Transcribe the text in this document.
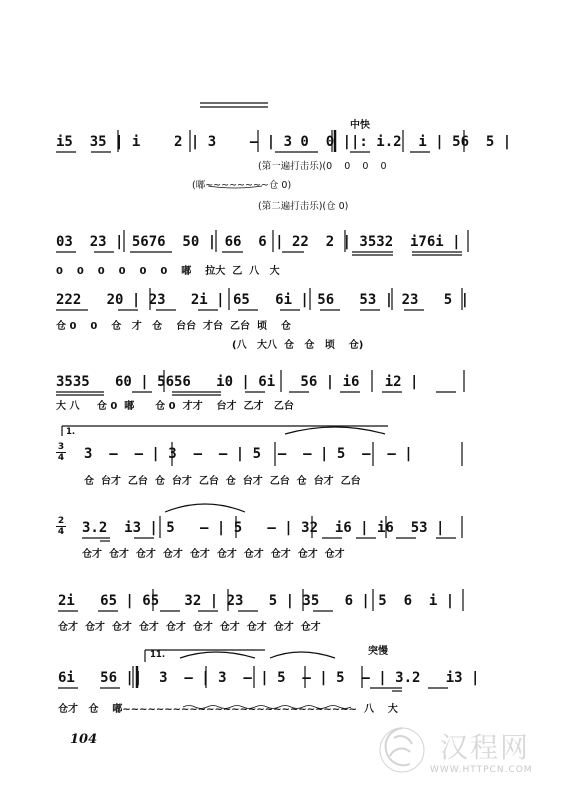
中快
突慢
i5  35 | i    2 | 3    — | 3 0  0 ||: i.2  i | 56  5 |
(第一遍打击乐)(0    0    0    0
(嘟~~~~~~~~仓 0)
(第二遍打击乐)(仓 0)
03  23 | 5676  50 | 66  6 | 22  2 | 3532  i76i |
0    0    0    0    0    0    嘟    拉大  乙  八   大
222   20 | 23   2i | 65   6i | 56   53 | 23   5 |
仓 0    0    仓   才   仓    台台  才台  乙台  顷    仓
(八   大八  仓   仓   顷    仓)
3535   60 | 5656   i0 | 6i   56 | i6   i2 |
大 八     仓 0  嘟      仓 0  才才    台才  乙才   乙台
1.
3
4 3  —  — | 3  —  — | 5  —  — | 5  —  — |
仓  台才  乙台  仓  台才  乙台  仓  台才  乙台  仓  台才  乙台
2
4 3.2  i3 | 5   — | 5   — | 32  i6 | i6  53 |
仓才  仓才  仓才  仓才  仓才  仓才  仓才  仓才  仓才  仓才
2i   65 | 65   32 | 23   5 | 35   6 | 5  6  i |
仓才  仓才  仓才  仓才  仓才  仓才  仓才  仓才  仓才  仓才
11.
6i   56 ||  3  — | 3  — | 5  — | 5  — | 3.2   i3 |
仓才   仓    嘟~~~~~~~~~~~~~~~~~~~~~~~~~~~~  八    大
104	汉程网
WWW.HTTPCN.COM
